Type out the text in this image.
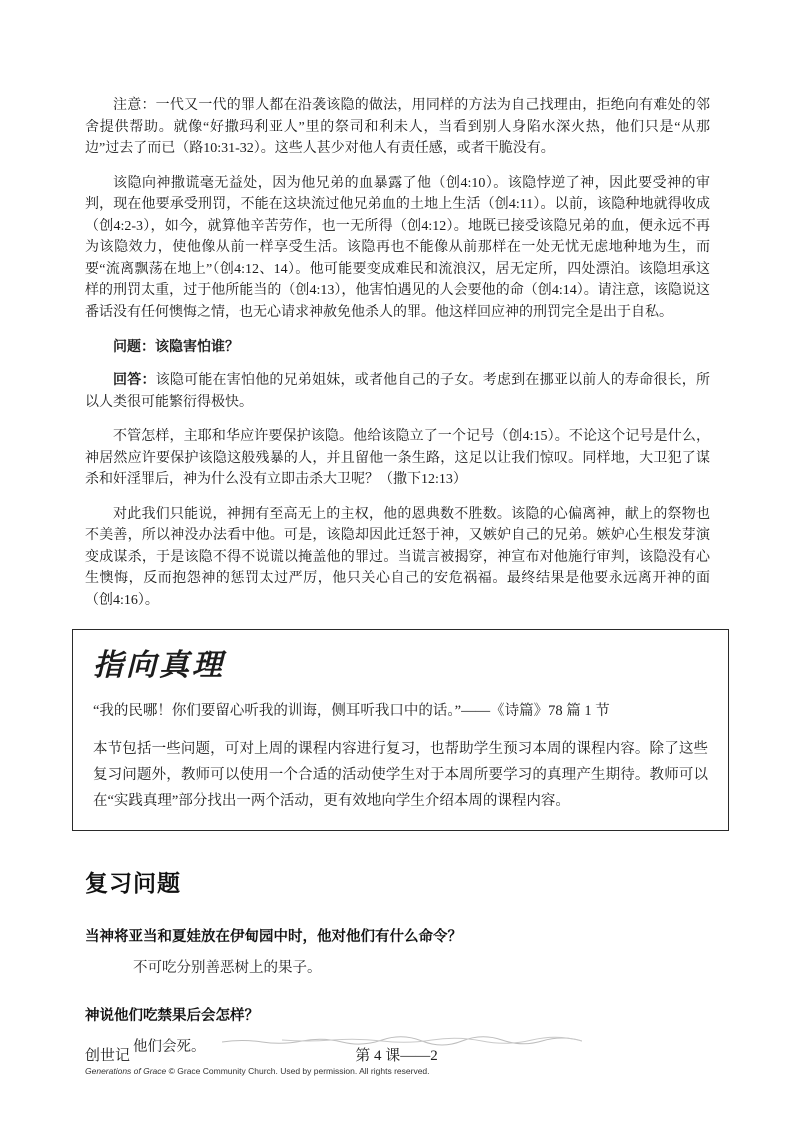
注意：一代又一代的罪人都在沿袭该隐的做法，用同样的方法为自己找理由，拒绝向有难处的邻舍提供帮助。就像“好撒玛利亚人”里的祭司和利未人，当看到别人身陷水深火热，他们只是“从那边”过去了而已（路10:31-32）。这些人甚少对他人有责任感，或者干脆没有。

该隐向神撒谎毫无益处，因为他兄弟的血暴露了他（创4:10）。该隐悖逆了神，因此要受神的审判，现在他要承受刑罚，不能在这块流过他兄弟血的土地上生活（创4:11）。以前，该隐种地就得收成（创4:2-3），如今，就算他辛苦劳作，也一无所得（创4:12）。地既已接受该隐兄弟的血，便永远不再为该隐效力，使他像从前一样享受生活。该隐再也不能像从前那样在一处无忧无虑地种地为生，而要“流离飘荡在地上”（创4:12、14）。他可能要变成难民和流浪汉，居无定所，四处漂泊。该隐坦承这样的刑罚太重，过于他所能当的（创4:13），他害怕遇见的人会要他的命（创4:14）。请注意，该隐说这番话没有任何懊悔之情，也无心请求神赦免他杀人的罪。他这样回应神的刑罚完全是出于自私。

问题：该隐害怕谁？

回答：该隐可能在害怕他的兄弟姐妹，或者他自己的子女。考虑到在挪亚以前人的寿命很长，所以人类很可能繁衍得极快。

不管怎样，主耶和华应许要保护该隐。他给该隐立了一个记号（创4:15）。不论这个记号是什么，神居然应许要保护该隐这般残暴的人，并且留他一条生路，这足以让我们惊叹。同样地，大卫犯了谋杀和奸淫罪后，神为什么没有立即击杀大卫呢？（撒下12:13）

对此我们只能说，神拥有至高无上的主权，他的恩典数不胜数。该隐的心偏离神，献上的祭物也不美善，所以神没办法看中他。可是，该隐却因此迁怒于神，又嫉妒自己的兄弟。嫉妒心生根发芽演变成谋杀，于是该隐不得不说谎以掩盖他的罪过。当谎言被揭穿，神宣布对他施行审判，该隐没有心生懊悔，反而抱怨神的惩罚太过严厉，他只关心自己的安危祸福。最终结果是他要永远离开神的面（创4:16）。

指向真理
“我的民哪！你们要留心听我的训诲，侧耳听我口中的话。”——《诗篇》78 篇 1 节
本节包括一些问题，可对上周的课程内容进行复习，也帮助学生预习本周的课程内容。除了这些复习问题外，教师可以使用一个合适的活动使学生对于本周所要学习的真理产生期待。教师可以在“实践真理”部分找出一两个活动，更有效地向学生介绍本周的课程内容。
复习问题
当神将亚当和夏娃放在伊甸园中时，他对他们有什么命令？
不可吃分别善恶树上的果子。
神说他们吃禁果后会怎样？
他们会死。
创世记	第 4 课——2
Generations of Grace © Grace Community Church. Used by permission. All rights reserved.
